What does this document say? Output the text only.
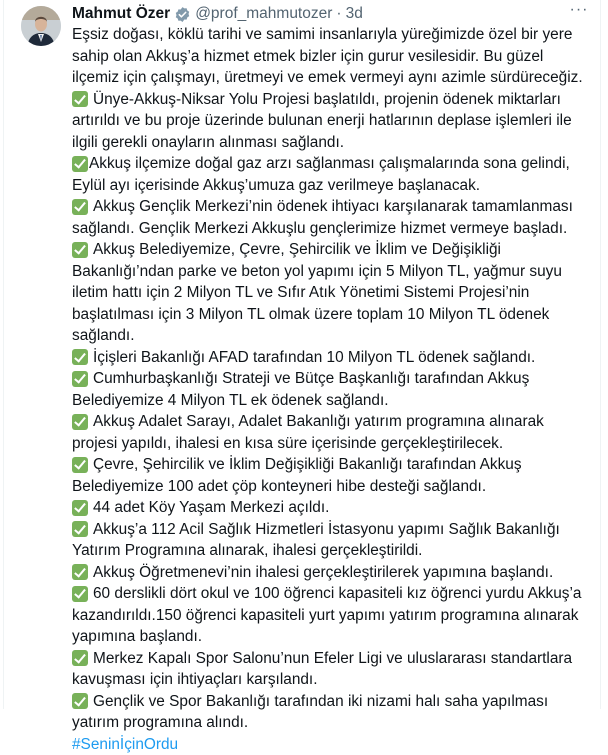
Mahmut Özer @prof_mahmutozer · 3d	···
Eşsiz doğası, köklü tarihi ve samimi insanlarıyla yüreğimizde özel bir yere
sahip olan Akkuş’a hizmet etmek bizler için gurur vesilesidir. Bu güzel
ilçemiz için çalışmayı, üretmeyi ve emek vermeyi aynı azimle sürdüreceğiz.
Ünye-Akkuş-Niksar Yolu Projesi başlatıldı, projenin ödenek miktarları
artırıldı ve bu proje üzerinde bulunan enerji hatlarının deplase işlemleri ile
ilgili gerekli onayların alınması sağlandı.
Akkuş ilçemize doğal gaz arzı sağlanması çalışmalarında sona gelindi,
Eylül ayı içerisinde Akkuş’umuza gaz verilmeye başlanacak.
Akkuş Gençlik Merkezi’nin ödenek ihtiyacı karşılanarak tamamlanması
sağlandı. Gençlik Merkezi Akkuşlu gençlerimize hizmet vermeye başladı.
Akkuş Belediyemize, Çevre, Şehircilik ve İklim ve Değişikliği
Bakanlığı’ndan parke ve beton yol yapımı için 5 Milyon TL, yağmur suyu
iletim hattı için 2 Milyon TL ve Sıfır Atık Yönetimi Sistemi Projesi’nin
başlatılması için 3 Milyon TL olmak üzere toplam 10 Milyon TL ödenek
sağlandı.
İçişleri Bakanlığı AFAD tarafından 10 Milyon TL ödenek sağlandı.
Cumhurbaşkanlığı Strateji ve Bütçe Başkanlığı tarafından Akkuş
Belediyemize 4 Milyon TL ek ödenek sağlandı.
Akkuş Adalet Sarayı, Adalet Bakanlığı yatırım programına alınarak
projesi yapıldı, ihalesi en kısa süre içerisinde gerçekleştirilecek.
Çevre, Şehircilik ve İklim Değişikliği Bakanlığı tarafından Akkuş
Belediyemize 100 adet çöp konteyneri hibe desteği sağlandı.
44 adet Köy Yaşam Merkezi açıldı.
Akkuş’a 112 Acil Sağlık Hizmetleri İstasyonu yapımı Sağlık Bakanlığı
Yatırım Programına alınarak, ihalesi gerçekleştirildi.
Akkuş Öğretmenevi’nin ihalesi gerçekleştirilerek yapımına başlandı.
60 derslikli dört okul ve 100 öğrenci kapasiteli kız öğrenci yurdu Akkuş’a
kazandırıldı.150 öğrenci kapasiteli yurt yapımı yatırım programına alınarak
yapımına başlandı.
Merkez Kapalı Spor Salonu’nun Efeler Ligi ve uluslararası standartlara
kavuşması için ihtiyaçları karşılandı.
Gençlik ve Spor Bakanlığı tarafından iki nizami halı saha yapılması
yatırım programına alındı.
#SeninİçinOrdu
